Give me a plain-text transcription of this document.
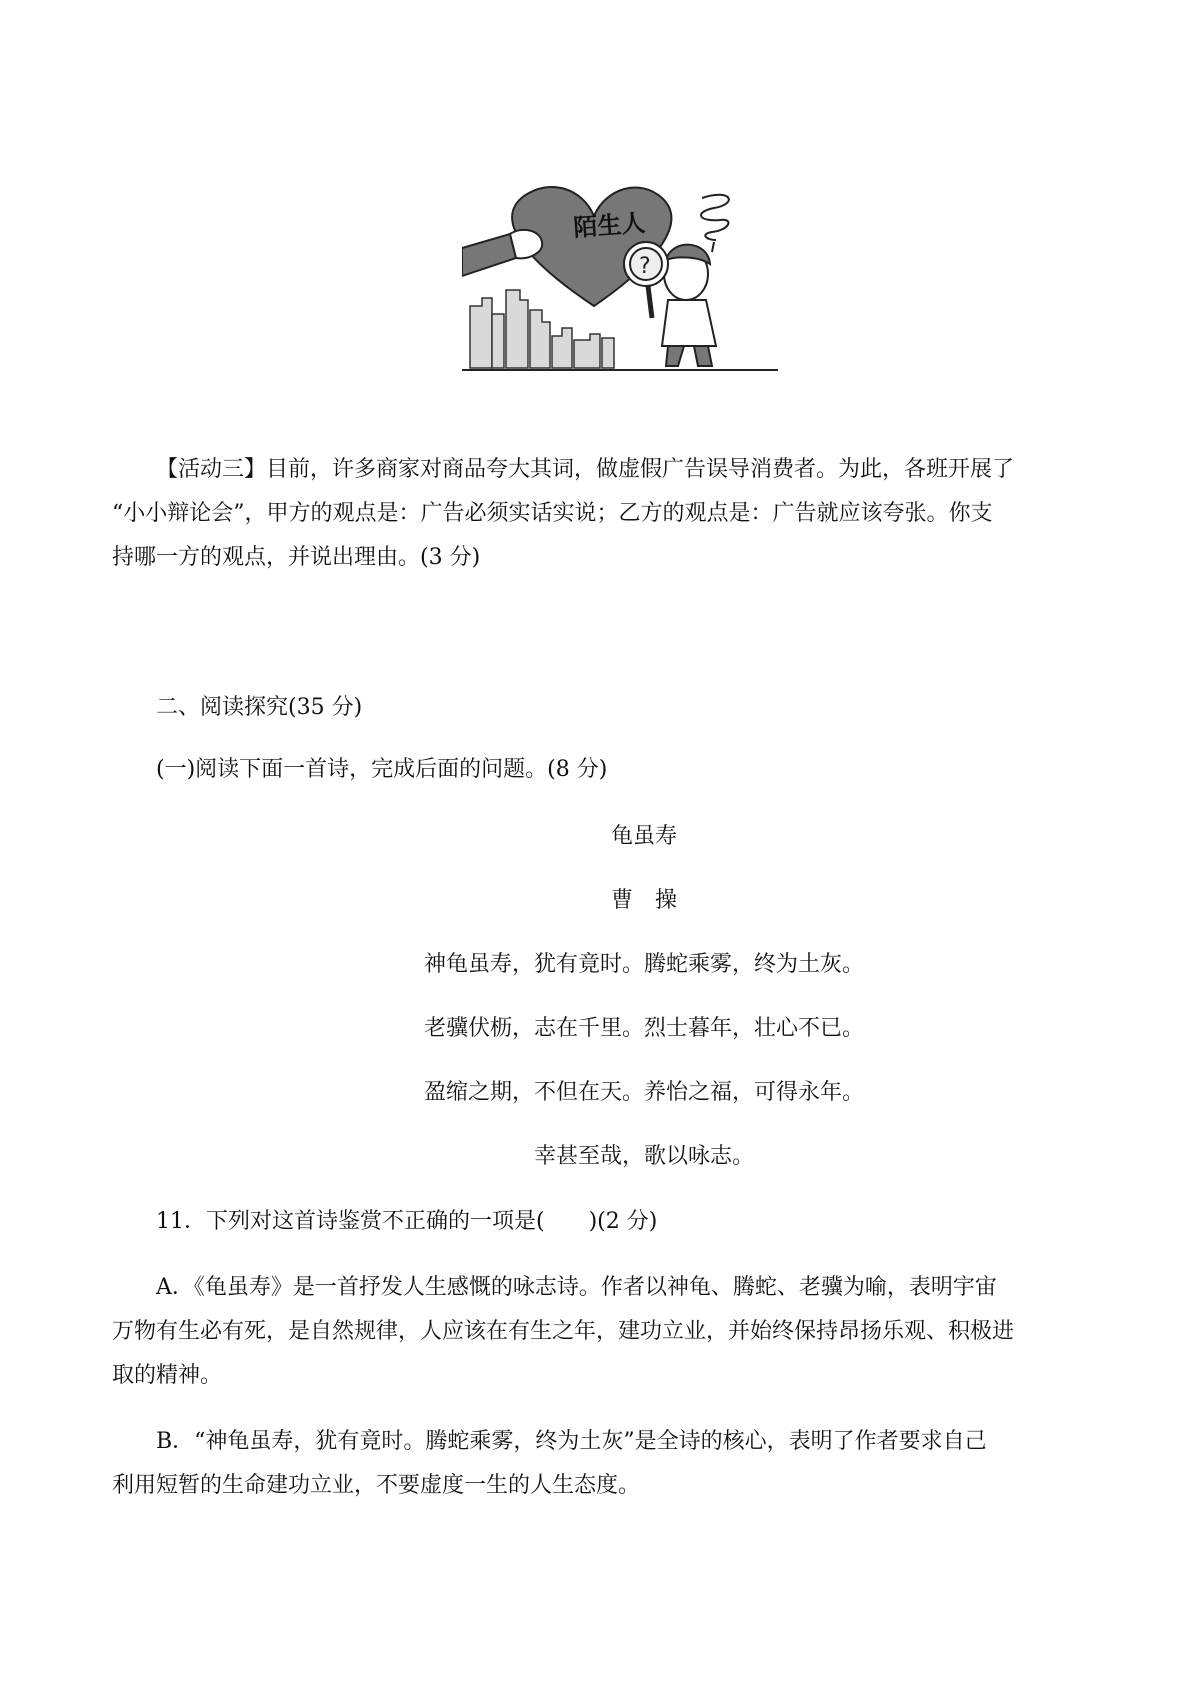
陌生人
?
【活动三】目前，许多商家对商品夸大其词，做虚假广告误导消费者。为此，各班开展了
“小小辩论会”，甲方的观点是：广告必须实话实说；乙方的观点是：广告就应该夸张。你支
持哪一方的观点，并说出理由。(3 分)
二、阅读探究(35 分)
(一)阅读下面一首诗，完成后面的问题。(8 分)
龟虽寿
曹　操
神龟虽寿，犹有竟时。腾蛇乘雾，终为土灰。
老骥伏枥，志在千里。烈士暮年，壮心不已。
盈缩之期，不但在天。养怡之福，可得永年。
幸甚至哉，歌以咏志。
11．下列对这首诗鉴赏不正确的一项是(　　)(2 分)
A．《龟虽寿》是一首抒发人生感慨的咏志诗。作者以神龟、腾蛇、老骥为喻，表明宇宙
万物有生必有死，是自然规律，人应该在有生之年，建功立业，并始终保持昂扬乐观、积极进
取的精神。
B．“神龟虽寿，犹有竟时。腾蛇乘雾，终为土灰”是全诗的核心，表明了作者要求自己
利用短暂的生命建功立业，不要虚度一生的人生态度。
